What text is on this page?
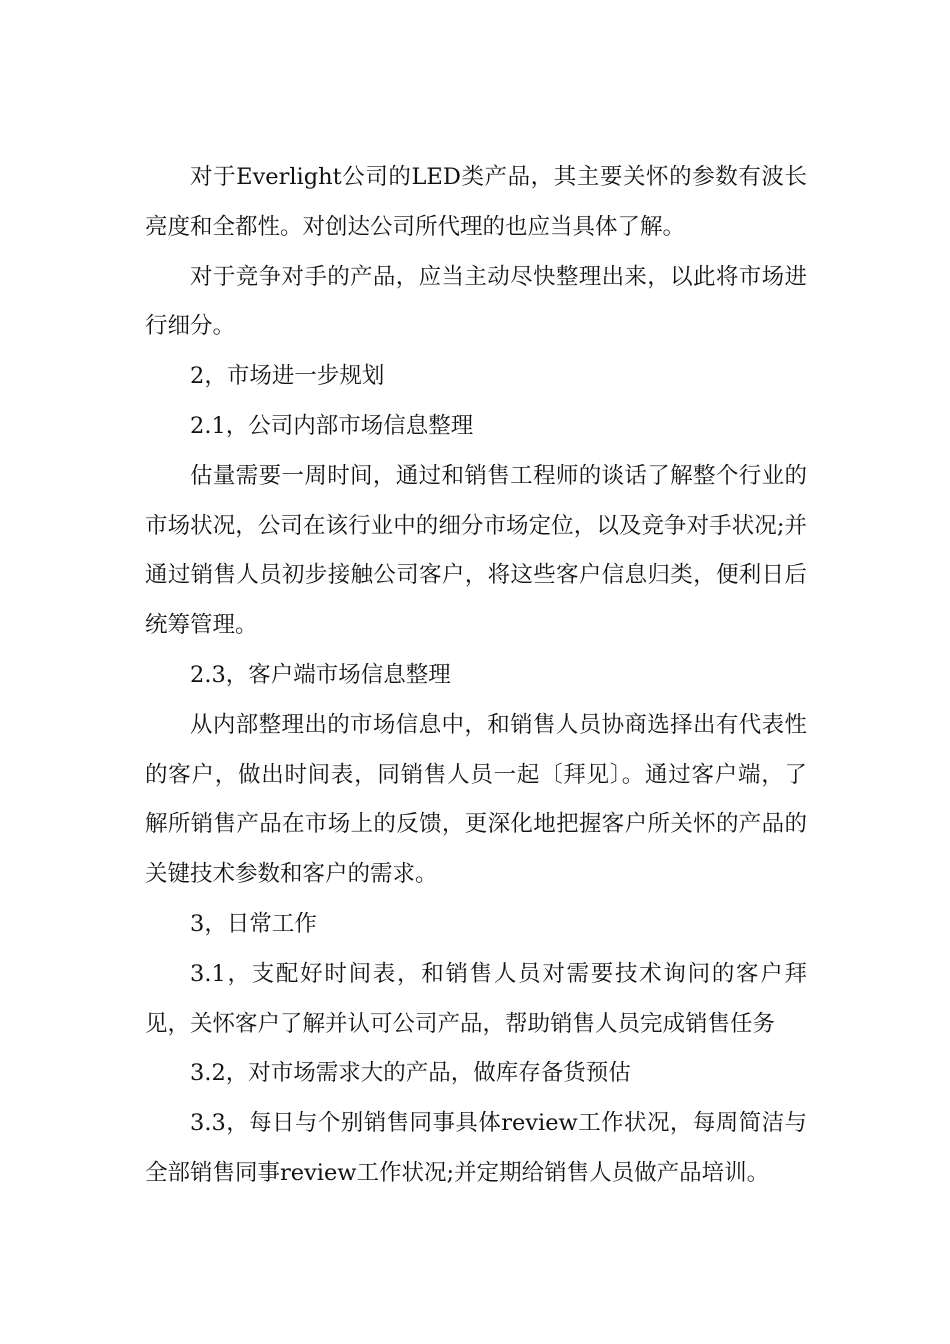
对于Everlight公司的LED类产品，其主要关怀的参数有波长亮度和全都性。对创达公司所代理的也应当具体了解。

对于竞争对手的产品，应当主动尽快整理出来，以此将市场进行细分。

2，市场进一步规划

2.1，公司内部市场信息整理

估量需要一周时间，通过和销售工程师的谈话了解整个行业的市场状况，公司在该行业中的细分市场定位，以及竞争对手状况;并通过销售人员初步接触公司客户，将这些客户信息归类，便利日后统筹管理。

2.3，客户端市场信息整理

从内部整理出的市场信息中，和销售人员协商选择出有代表性的客户，做出时间表，同销售人员一起〔拜见〕。通过客户端，了解所销售产品在市场上的反馈，更深化地把握客户所关怀的产品的关键技术参数和客户的需求。

3，日常工作

3.1，支配好时间表，和销售人员对需要技术询问的客户拜见，关怀客户了解并认可公司产品，帮助销售人员完成销售任务

3.2，对市场需求大的产品，做库存备货预估

3.3，每日与个别销售同事具体review工作状况，每周简洁与全部销售同事review工作状况;并定期给销售人员做产品培训。
